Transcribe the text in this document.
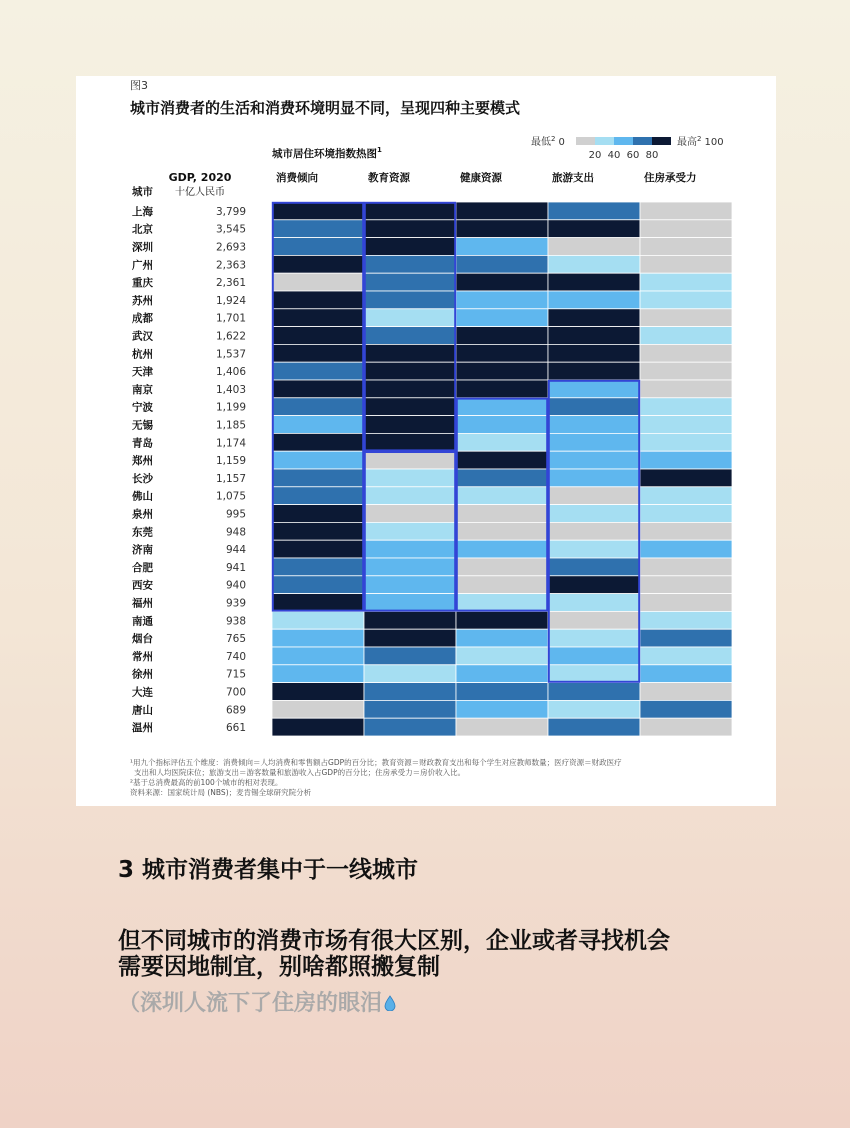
图3
城市消费者的生活和消费环境明显不同，呈现四种主要模式
城市居住环境指数热图$^1$
最低$^2$ 0
20 40 60 80
最高$^2$ 100
GDP, 2020
十亿人民币
城市
消费倾向	教育资源	健康资源	旅游支出	住房承受力
上海	3,799
北京	3,545
深圳	2,693
广州	2,363
重庆	2,361
苏州	1,924
成都	1,701
武汉	1,622
杭州	1,537
天津	1,406
南京	1,403
宁波	1,199
无锡	1,185
青岛	1,174
郑州	1,159
长沙	1,157
佛山	1,075
泉州	995
东莞	948
济南	944
合肥	941
西安	940
福州	939
南通	938
烟台	765
常州	740
徐州	715
大连	700
唐山	689
温州	661
¹用九个指标评估五个维度：消费倾向＝人均消费和零售额占GDP的百分比；教育资源＝财政教育支出和每个学生对应教师数量；医疗资源＝财政医疗
支出和人均医院床位；旅游支出＝游客数量和旅游收入占GDP的百分比；住房承受力＝房价收入比。
²基于总消费最高的前100个城市的相对表现。
资料来源：国家统计局 (NBS)；麦肯锡全球研究院分析
3 城市消费者集中于一线城市
但不同城市的消费市场有很大区别，企业或者寻找机会
需要因地制宜，别啥都照搬复制
（深圳人流下了住房的眼泪
